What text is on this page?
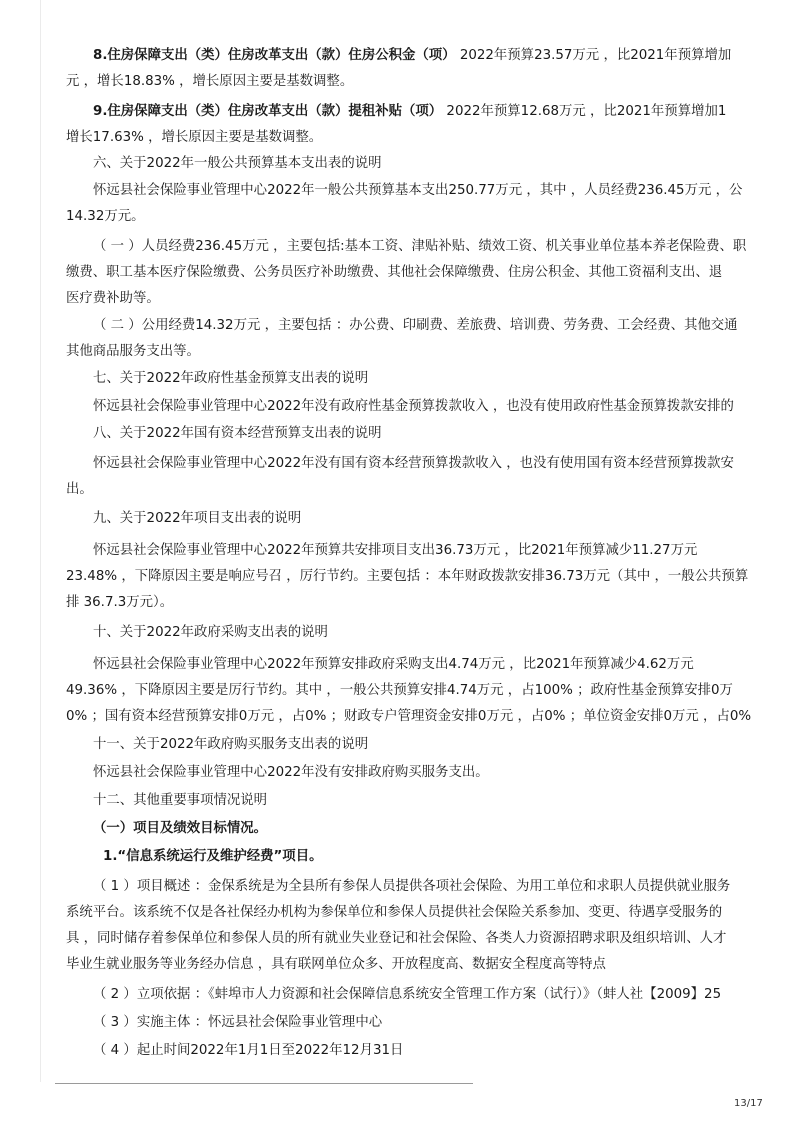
8.住房保障支出（类）住房改革支出（款）住房公积金（项） 2022年预算23.57万元 ，比2021年预算增加
元 ，增长18.83% ，增长原因主要是基数调整。
9.住房保障支出（类）住房改革支出（款）提租补贴（项） 2022年预算12.68万元 ，比2021年预算增加1
增长17.63% ，增长原因主要是基数调整。
六、关于2022年一般公共预算基本支出表的说明
怀远县社会保险事业管理中心2022年一般公共预算基本支出250.77万元 ，其中 ，人员经费236.45万元 ，公
14.32万元。
（ 一 ）人员经费236.45万元 ，主要包括:基本工资、津贴补贴、绩效工资、机关事业单位基本养老保险费、职
缴费、职工基本医疗保险缴费、公务员医疗补助缴费、其他社会保障缴费、住房公积金、其他工资福利支出、退
医疗费补助等。
（ 二 ）公用经费14.32万元 ，主要包括 ：办公费、印刷费、差旅费、培训费、劳务费、工会经费、其他交通
其他商品服务支出等。
七、关于2022年政府性基金预算支出表的说明
怀远县社会保险事业管理中心2022年没有政府性基金预算拨款收入 ，也没有使用政府性基金预算拨款安排的
八、关于2022年国有资本经营预算支出表的说明
怀远县社会保险事业管理中心2022年没有国有资本经营预算拨款收入 ，也没有使用国有资本经营预算拨款安
出。
九、关于2022年项目支出表的说明
怀远县社会保险事业管理中心2022年预算共安排项目支出36.73万元 ，比2021年预算减少11.27万元
23.48% ，下降原因主要是响应号召 ，厉行节约。主要包括 ：本年财政拨款安排36.73万元（其中 ，一般公共预算
排 36.7.3万元）。
十、关于2022年政府采购支出表的说明
怀远县社会保险事业管理中心2022年预算安排政府采购支出4.74万元 ，比2021年预算减少4.62万元
49.36% ，下降原因主要是厉行节约。其中 ，一般公共预算安排4.74万元 ，占100% ；政府性基金预算安排0万
0% ；国有资本经营预算安排0万元 ，占0% ；财政专户管理资金安排0万元 ，占0% ；单位资金安排0万元 ，占0%
十一、关于2022年政府购买服务支出表的说明
怀远县社会保险事业管理中心2022年没有安排政府购买服务支出。
十二、其他重要事项情况说明
（一）项目及绩效目标情况。
1.“信息系统运行及维护经费”项目。
（ 1 ）项目概述 ：金保系统是为全县所有参保人员提供各项社会保险、为用工单位和求职人员提供就业服务
系统平台。该系统不仅是各社保经办机构为参保单位和参保人员提供社会保险关系参加、变更、待遇享受服务的
具 ，同时储存着参保单位和参保人员的所有就业失业登记和社会保险、各类人力资源招聘求职及组织培训、人才
毕业生就业服务等业务经办信息 ，具有联网单位众多、开放程度高、数据安全程度高等特点
（ 2 ）立项依据 ：《蚌埠市人力资源和社会保障信息系统安全管理工作方案（试行）》（蚌人社【2009】25
（ 3 ）实施主体 ：怀远县社会保险事业管理中心
（ 4 ）起止时间2022年1月1日至2022年12月31日
13/17
